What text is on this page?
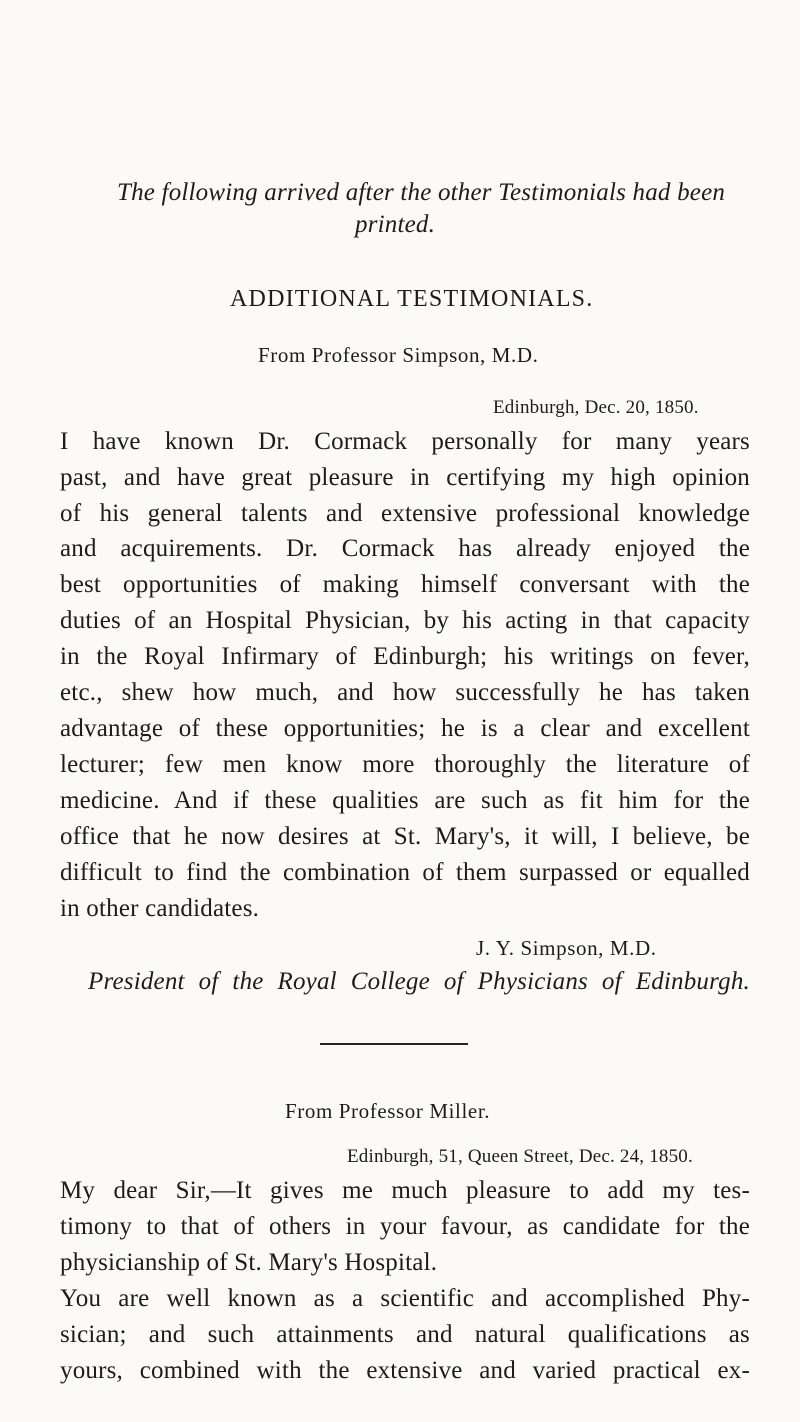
The following arrived after the other Testimonials had been
printed.
ADDITIONAL TESTIMONIALS.
From Professor Simpson, M.D.
Edinburgh, Dec. 20, 1850.
I have known Dr. Cormack personally for many years
past, and have great pleasure in certifying my high opinion
of his general talents and extensive professional knowledge
and acquirements. Dr. Cormack has already enjoyed the
best opportunities of making himself conversant with the
duties of an Hospital Physician, by his acting in that capacity
in the Royal Infirmary of Edinburgh; his writings on fever,
etc., shew how much, and how successfully he has taken
advantage of these opportunities; he is a clear and excellent
lecturer; few men know more thoroughly the literature of
medicine. And if these qualities are such as fit him for the
office that he now desires at St. Mary's, it will, I believe, be
difficult to find the combination of them surpassed or equalled
in other candidates.
J. Y. Simpson, M.D.
President of the Royal College of Physicians of Edinburgh.
From Professor Miller.
Edinburgh, 51, Queen Street, Dec. 24, 1850.
My dear Sir,—It gives me much pleasure to add my tes-
timony to that of others in your favour, as candidate for the
physicianship of St. Mary's Hospital.
You are well known as a scientific and accomplished Phy-
sician; and such attainments and natural qualifications as
yours, combined with the extensive and varied practical ex-
